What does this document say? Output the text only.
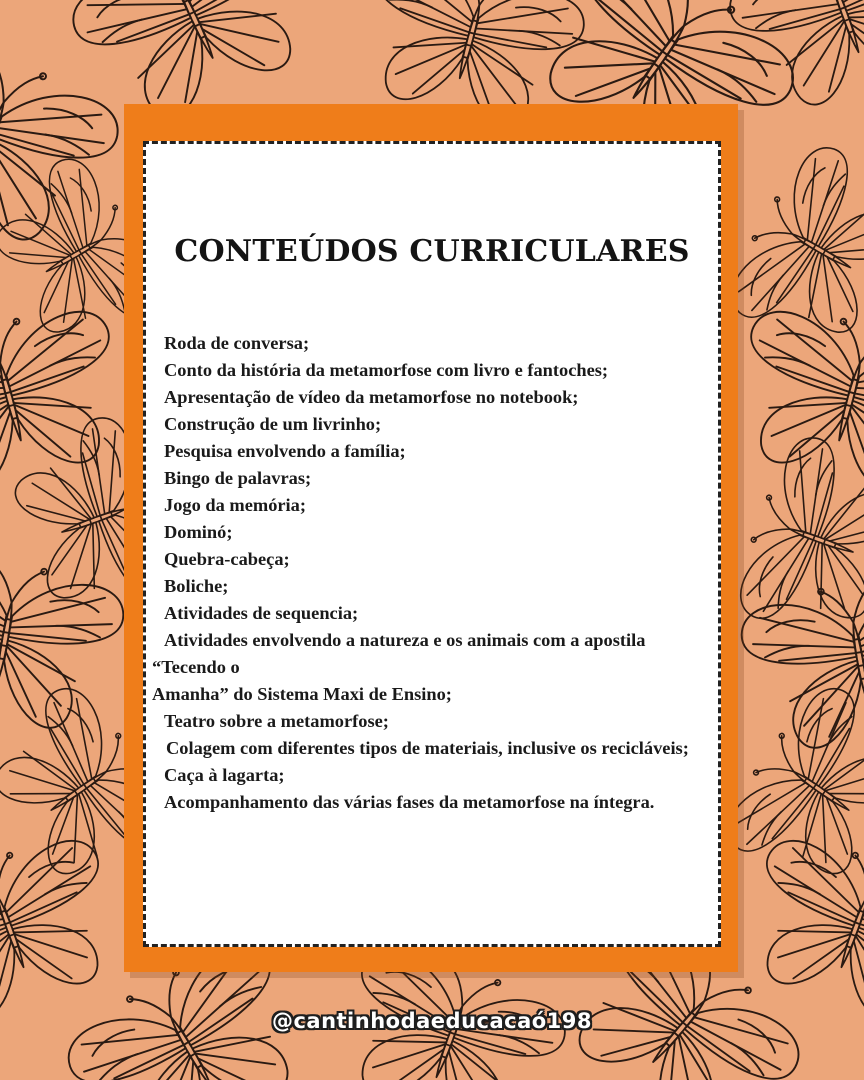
CONTEÚDOS CURRICULARES
Roda de conversa;
Conto da história da metamorfose com livro e fantoches;
Apresentação de vídeo da metamorfose no notebook;
Construção de um livrinho;
Pesquisa envolvendo a família;
Bingo de palavras;
Jogo da memória;
Dominó;
Quebra-cabeça;
Boliche;
Atividades de sequencia;
Atividades envolvendo a natureza e os animais com a apostila
“Tecendo o
Amanha” do Sistema Maxi de Ensino;
Teatro sobre a metamorfose;
Colagem com diferentes tipos de materiais, inclusive os recicláveis;
Caça à lagarta;
Acompanhamento das várias fases da metamorfose na íntegra.
@cantinhodaeducacaó198
